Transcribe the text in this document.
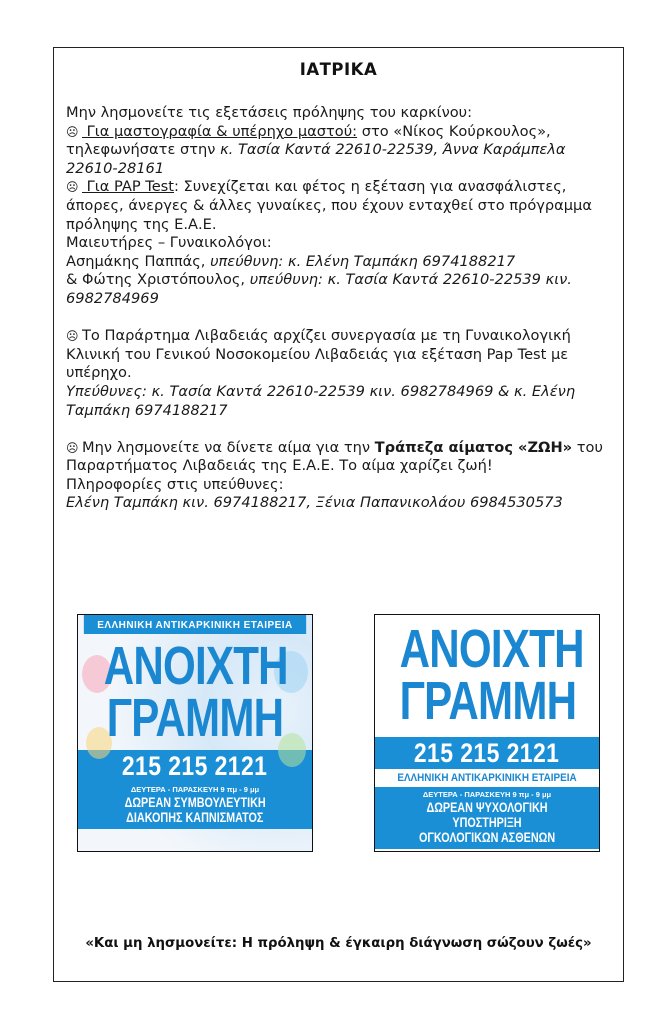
ΙΑΤΡΙΚΑ

Μην λησμονείτε τις εξετάσεις πρόληψης του καρκίνου:

☹ Για μαστογραφία & υπέρηχο μαστού: στο «Νίκος Κούρκουλος», τηλεφωνήσατε στην κ. Τασία Καντά 22610-22539, Άννα Καράμπελα 22610-28161

☹ Για PAP Test: Συνεχίζεται και φέτος η εξέταση για ανασφάλιστες, άπορες, άνεργες & άλλες γυναίκες, που έχουν ενταχθεί στο πρόγραμμα πρόληψης της Ε.Α.Ε.

Μαιευτήρες – Γυναικολόγοι:

Ασημάκης Παππάς, υπεύθυνη: κ. Ελένη Ταμπάκη 6974188217

& Φώτης Χριστόπουλος, υπεύθυνη: κ. Τασία Καντά 22610-22539 κιν. 6982784969

☹ Το Παράρτημα Λιβαδειάς αρχίζει συνεργασία με τη Γυναικολογική Κλινική του Γενικού Νοσοκομείου Λιβαδειάς για εξέταση Pap Test με υπέρηχο.

Υπεύθυνες: κ. Τασία Καντά 22610-22539 κιν. 6982784969 & κ. Ελένη Ταμπάκη 6974188217

☹ Μην λησμονείτε να δίνετε αίμα για την Τράπεζα αίματος «ΖΩΗ» του Παραρτήματος Λιβαδειάς της Ε.Α.Ε. Το αίμα χαρίζει ζωή!

Πληροφορίες στις υπεύθυνες:

Ελένη Ταμπάκη κιν. 6974188217, Ξένια Παπανικολάου 6984530573

ΕΛΛΗΝΙΚΗ ΑΝΤΙΚΑΡΚΙΝΙΚΗ ΕΤΑΙΡΕΙΑ
ΑΝΟΙΧΤΗ
ΓΡΑMΜΗ
215 215 2121
ΔΕΥΤΕΡΑ - ΠΑΡΑΣΚΕΥΗ 9 πμ - 9 μμ
ΔΩΡΕΑΝ ΣΥΜΒΟΥΛΕΥΤΙΚΗ
ΔΙΑΚΟΠΗΣ ΚΑΠΝΙΣΜΑΤΟΣ
ΑΝΟΙΧΤΗ
ΓΡΑMΜΗ
215 215 2121
ΕΛΛΗΝΙΚΗ ΑΝΤΙΚΑΡΚΙΝΙΚΗ ΕΤΑΙΡΕΙΑ
ΔΕΥΤΕΡΑ - ΠΑΡΑΣΚΕΥΗ 9 πμ - 9 μμ
ΔΩΡΕΑΝ ΨΥΧΟΛΟΓΙΚΗ ΥΠΟΣΤΗΡΙΞΗ
ΟΓΚΟΛΟΓΙΚΩΝ ΑΣΘΕΝΩΝ
«Και μη λησμονείτε: Η πρόληψη & έγκαιρη διάγνωση σώζουν ζωές»
